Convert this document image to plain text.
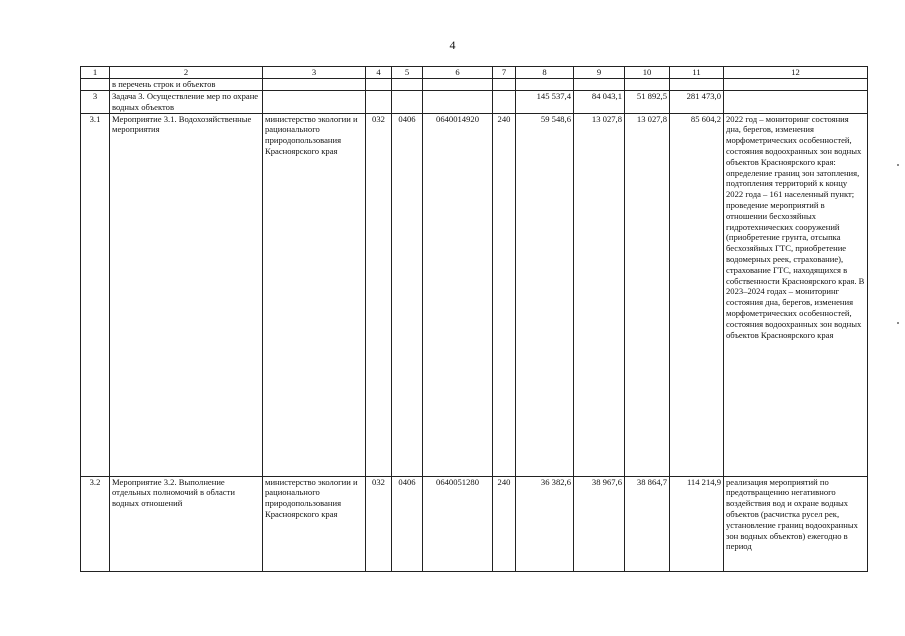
4
1	2	3	4	5	6	7	8	9	10	11	12
	в перечень строк и объектов										
3	Задача 3. Осуществление мер по охране водных объектов						145 537,4	84 043,1	51 892,5	281 473,0	
3.1	Мероприятие 3.1. Водохозяйственные мероприятия	министерство экологии и рационального природопользования Красноярского края	032	0406	0640014920	240	59 548,6	13 027,8	13 027,8	85 604,2	2022 год – мониторинг состояния дна, берегов, изменения морфометрических особенностей, состояния водоохранных зон водных объектов Красноярского края: определение границ зон затопления, подтопления территорий к концу 2022 года – 161 населенный пункт; проведение мероприятий в отношении бесхозяйных гидротехнических сооружений (приобретение грунта, отсыпка бесхозяйных ГТС, приобретение водомерных реек, страхование), страхование ГТС, находящихся в собственности Красноярского края. В 2023–2024 годах – мониторинг состояния дна, берегов, изменения морфометрических особенностей, состояния водоохранных зон водных объектов Красноярского края
3.2	Мероприятие 3.2. Выполнение отдельных полномочий в области водных отношений	министерство экологии и рационального природопользования Красноярского края	032	0406	0640051280	240	36 382,6	38 967,6	38 864,7	114 214,9	реализация мероприятий по предотвращению негативного воздействия вод и охране водных объектов (расчистка русел рек, установление границ водоохранных зон водных объектов) ежегодно в период
